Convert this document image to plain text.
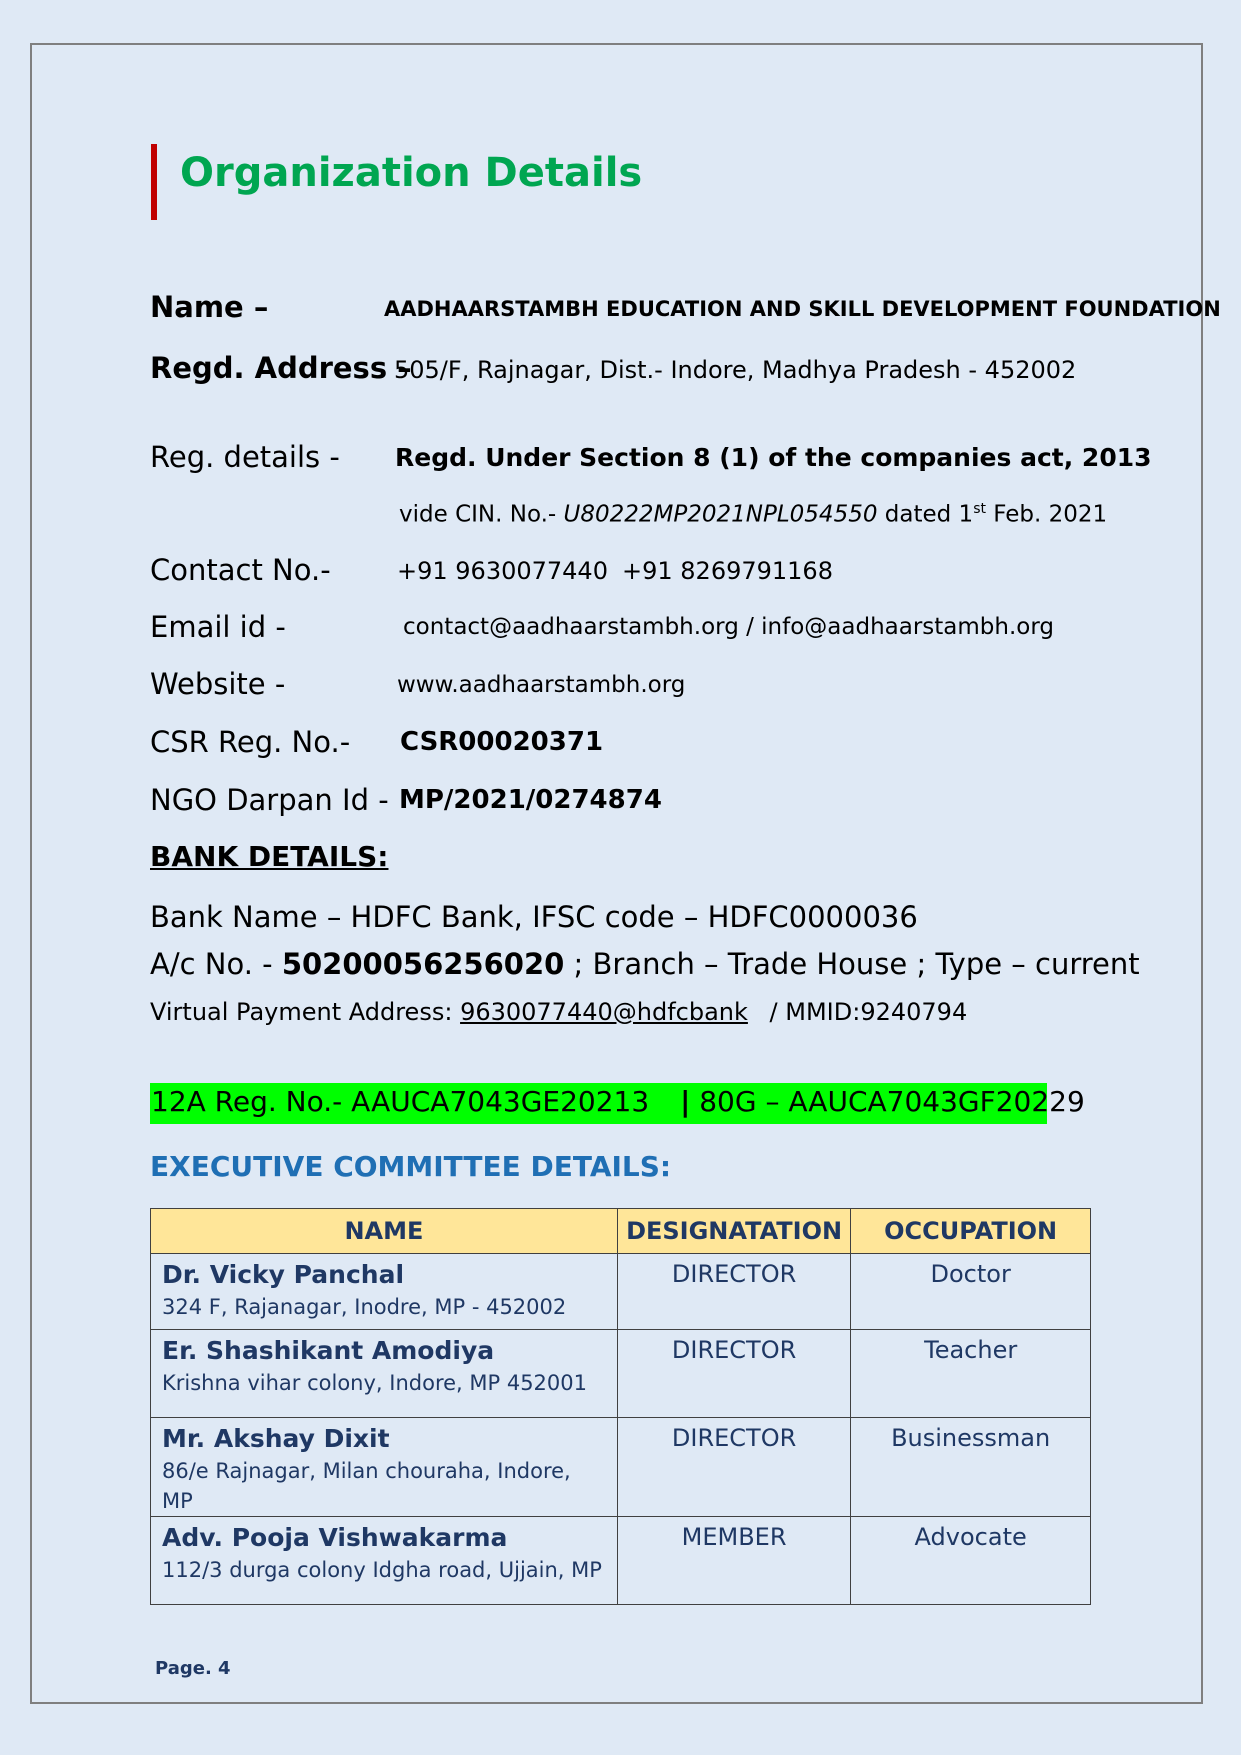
Organization Details
Name –	AADHAARSTAMBH EDUCATION AND SKILL DEVELOPMENT FOUNDATION
Regd. Address –
505/F, Rajnagar, Dist.- Indore, Madhya Pradesh - 452002
Reg. details - Regd. Under Section 8 (1) of the companies act, 2013
vide CIN. No.- U80222MP2021NPL054550 dated 1st Feb. 2021
Contact No.-	+91 9630077440 +91 8269791168
Email id -	contact@aadhaarstambh.org / info@aadhaarstambh.org
Website -	www.aadhaarstambh.org
CSR Reg. No.- CSR00020371
NGO Darpan Id - MP/2021/0274874
BANK DETAILS:
Bank Name – HDFC Bank, IFSC code – HDFC0000036
A/c No. - 50200056256020 ; Branch – Trade House ; Type – current
Virtual Payment Address: 9630077440@hdfcbank / MMID:9240794
12A Reg. No.- AAUCA7043GE20213 | 80G – AAUCA7043GF20229
EXECUTIVE COMMITTEE DETAILS:
NAME	DESIGNATATION	OCCUPATION

Dr. Vicky Panchal
324 F, Rajanagar, Inodre, MP - 452002	DIRECTOR	Doctor

Er. Shashikant Amodiya
Krishna vihar colony, Indore, MP 452001	DIRECTOR	Teacher

Mr. Akshay Dixit
86/e Rajnagar, Milan chouraha, Indore, MP	DIRECTOR	Businessman

Adv. Pooja Vishwakarma
112/3 durga colony Idgha road, Ujjain, MP	MEMBER	Advocate
Page. 4
